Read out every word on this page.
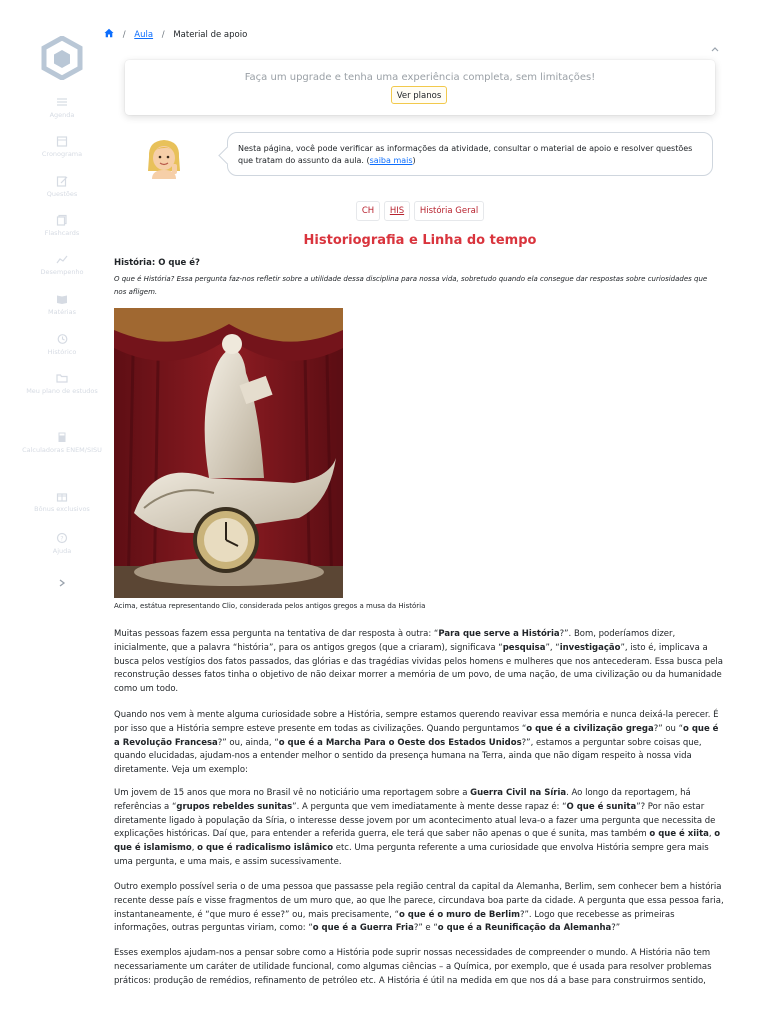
Agenda
Cronograma
Questões
Flashcards
Desempenho
Matérias
Histórico
Meu plano de estudos
Calculadoras ENEM/SISU
Bônus exclusivos
?
Ajuda
/ Aula / Material de apoio
Faça um upgrade e tenha uma experiência completa, sem limitações!
Ver planos
Nesta página, você pode verificar as informações da atividade, consultar o material de apoio e resolver questões que tratam do assunto da aula. (saiba mais)
CH	HIS	História Geral
Historiografia e Linha do tempo
História: O que é?
O que é História? Essa pergunta faz-nos refletir sobre a utilidade dessa disciplina para nossa vida, sobretudo quando ela consegue dar respostas sobre curiosidades que nos afligem.
Acima, estátua representando Clio, considerada pelos antigos gregos a musa da História
Muitas pessoas fazem essa pergunta na tentativa de dar resposta à outra: “Para que serve a História?”. Bom, poderíamos dizer, inicialmente, que a palavra “história”, para os antigos gregos (que a criaram), significava “pesquisa”, “investigação”, isto é, implicava a busca pelos vestígios dos fatos passados, das glórias e das tragédias vividas pelos homens e mulheres que nos antecederam. Essa busca pela reconstrução desses fatos tinha o objetivo de não deixar morrer a memória de um povo, de uma nação, de uma civilização ou da humanidade como um todo.
Quando nos vem à mente alguma curiosidade sobre a História, sempre estamos querendo reavivar essa memória e nunca deixá-la perecer. É por isso que a História sempre esteve presente em todas as civilizações. Quando perguntamos “o que é a civilização grega?” ou “o que é a Revolução Francesa?” ou, ainda, “o que é a Marcha Para o Oeste dos Estados Unidos?”, estamos a perguntar sobre coisas que, quando elucidadas, ajudam-nos a entender melhor o sentido da presença humana na Terra, ainda que não digam respeito à nossa vida diretamente. Veja um exemplo:
Um jovem de 15 anos que mora no Brasil vê no noticiário uma reportagem sobre a Guerra Civil na Síria. Ao longo da reportagem, há referências a “grupos rebeldes sunitas”. A pergunta que vem imediatamente à mente desse rapaz é: “O que é sunita”? Por não estar diretamente ligado à população da Síria, o interesse desse jovem por um acontecimento atual leva-o a fazer uma pergunta que necessita de explicações históricas. Daí que, para entender a referida guerra, ele terá que saber não apenas o que é sunita, mas também o que é xiita, o que é islamismo, o que é radicalismo islâmico etc. Uma pergunta referente a uma curiosidade que envolva História sempre gera mais uma pergunta, e uma mais, e assim sucessivamente.
Outro exemplo possível seria o de uma pessoa que passasse pela região central da capital da Alemanha, Berlim, sem conhecer bem a história recente desse país e visse fragmentos de um muro que, ao que lhe parece, circundava boa parte da cidade. A pergunta que essa pessoa faria, instantaneamente, é “que muro é esse?” ou, mais precisamente, “o que é o muro de Berlim?”. Logo que recebesse as primeiras informações, outras perguntas viriam, como: “o que é a Guerra Fria?” e “o que é a Reunificação da Alemanha?”
Esses exemplos ajudam-nos a pensar sobre como a História pode suprir nossas necessidades de compreender o mundo. A História não tem necessariamente um caráter de utilidade funcional, como algumas ciências – a Química, por exemplo, que é usada para resolver problemas práticos: produção de remédios, refinamento de petróleo etc. A História é útil na medida em que nos dá a base para construirmos sentido,
